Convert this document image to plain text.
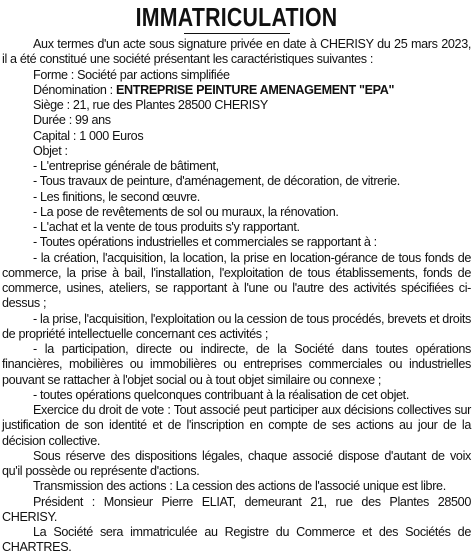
IMMATRICULATION

Aux termes d'un acte sous signature privée en date à CHERISY du 25 mars 2023, il a été constitué une société présentant les caractéristiques suivantes :

Forme : Société par actions simplifiée

Dénomination : ENTREPRISE PEINTURE AMENAGEMENT "EPA"

Siège : 21, rue des Plantes 28500 CHERISY

Durée : 99 ans

Capital : 1 000 Euros

Objet :

- L'entreprise générale de bâtiment,

- Tous travaux de peinture, d'aménagement, de décoration, de vitrerie.

- Les finitions, le second œuvre.

- La pose de revêtements de sol ou muraux, la rénovation.

- L'achat et la vente de tous produits s'y rapportant.

- Toutes opérations industrielles et commerciales se rapportant à :

- la création, l'acquisition, la location, la prise en location-gérance de tous fonds de commerce, la prise à bail, l'installation, l'exploitation de tous établissements, fonds de commerce, usines, ateliers, se rapportant à l'une ou l'autre des activités spécifiées ci-dessus ;

- la prise, l'acquisition, l'exploitation ou la cession de tous procédés, brevets et droits de propriété intellectuelle concernant ces activités ;

- la participation, directe ou indirecte, de la Société dans toutes opérations financières, mobilières ou immobilières ou entreprises commerciales ou industrielles pouvant se rattacher à l'objet social ou à tout objet similaire ou connexe ;

- toutes opérations quelconques contribuant à la réalisation de cet objet.

Exercice du droit de vote : Tout associé peut participer aux décisions collectives sur justification de son identité et de l'inscription en compte de ses actions au jour de la décision collective.

Sous réserve des dispositions légales, chaque associé dispose d'autant de voix qu'il possède ou représente d'actions.

Transmission des actions : La cession des actions de l'associé unique est libre.

Président : Monsieur Pierre ELIAT, demeurant 21, rue des Plantes 28500 CHERISY.

La Société sera immatriculée au Registre du Commerce et des Sociétés de CHARTRES.
